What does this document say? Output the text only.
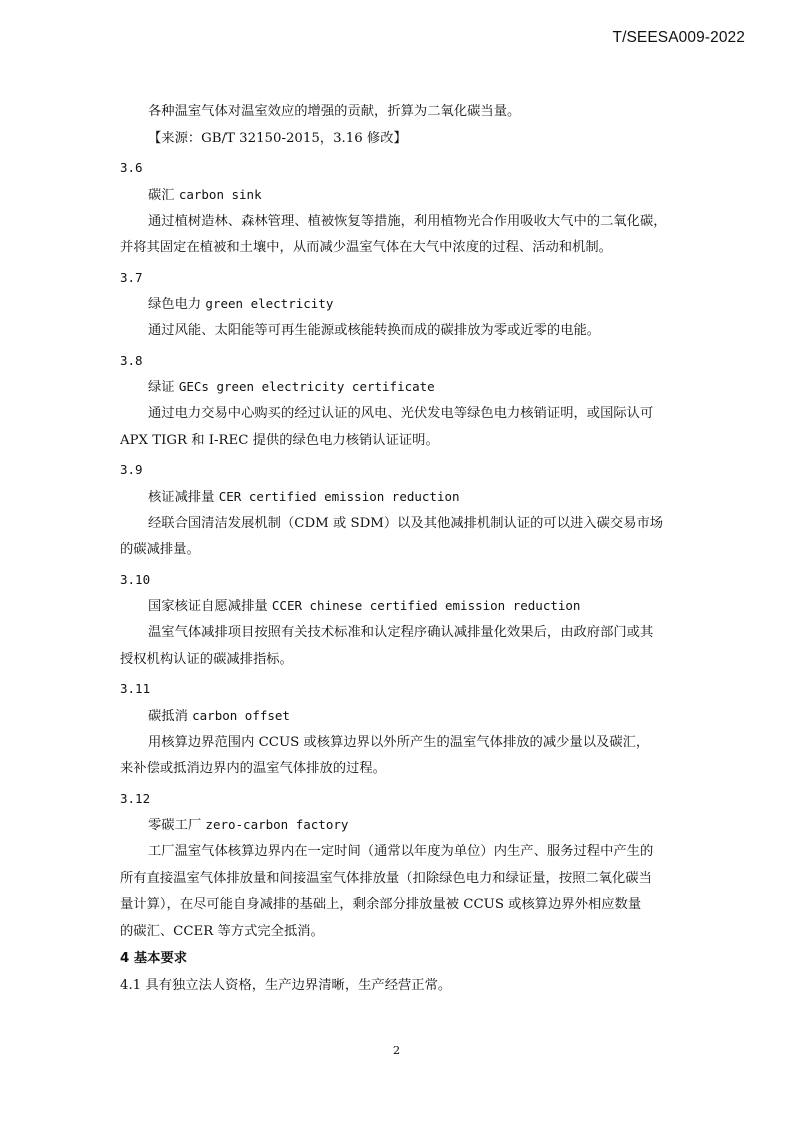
T/SEESA009-2022

各种温室气体对温室效应的增强的贡献，折算为二氧化碳当量。

【来源：GB/T 32150-2015，3.16 修改】

3.6
碳汇 carbon sink

通过植树造林、森林管理、植被恢复等措施，利用植物光合作用吸收大气中的二氧化碳，

并将其固定在植被和土壤中，从而减少温室气体在大气中浓度的过程、活动和机制。

3.7
绿色电力 green electricity

通过风能、太阳能等可再生能源或核能转换而成的碳排放为零或近零的电能。

3.8
绿证 GECs green electricity certificate

通过电力交易中心购买的经过认证的风电、光伏发电等绿色电力核销证明，或国际认可

APX TIGR 和 I-REC 提供的绿色电力核销认证证明。

3.9
核证减排量 CER certified emission reduction

经联合国清洁发展机制（CDM 或 SDM）以及其他减排机制认证的可以进入碳交易市场

的碳减排量。

3.10
国家核证自愿减排量 CCER chinese certified emission reduction

温室气体减排项目按照有关技术标准和认定程序确认减排量化效果后，由政府部门或其

授权机构认证的碳减排指标。

3.11
碳抵消 carbon offset

用核算边界范围内 CCUS 或核算边界以外所产生的温室气体排放的减少量以及碳汇，

来补偿或抵消边界内的温室气体排放的过程。

3.12
零碳工厂 zero-carbon factory

工厂温室气体核算边界内在一定时间（通常以年度为单位）内生产、服务过程中产生的

所有直接温室气体排放量和间接温室气体排放量（扣除绿色电力和绿证量，按照二氧化碳当

量计算），在尽可能自身减排的基础上，剩余部分排放量被 CCUS 或核算边界外相应数量

的碳汇、CCER 等方式完全抵消。

4 基本要求

4.1 具有独立法人资格，生产边界清晰，生产经营正常。

2
